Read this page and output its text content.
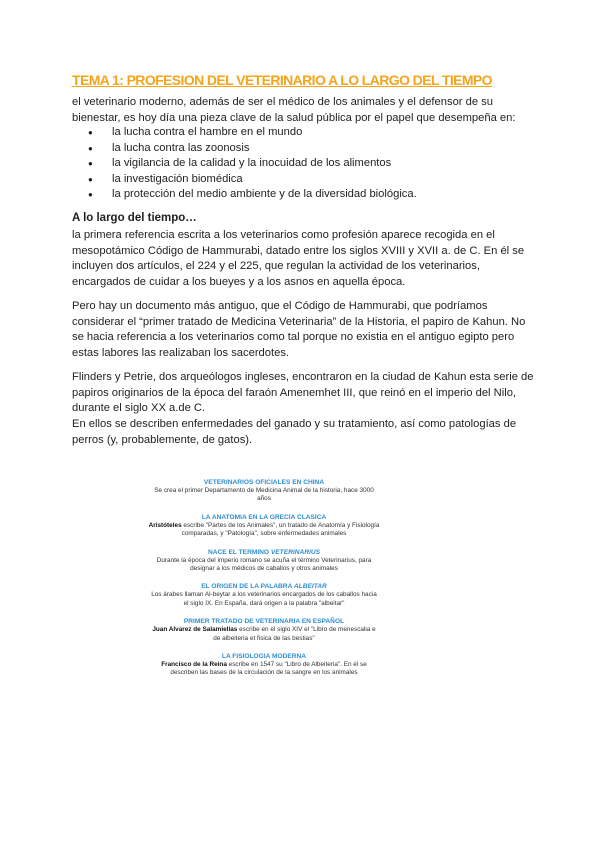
TEMA 1: PROFESION DEL VETERINARIO A LO LARGO DEL TIEMPO
el veterinario moderno, además de ser el médico de los animales y el defensor de su bienestar, es hoy día una pieza clave de la salud pública por el papel que desempeña en:
● la lucha contra el hambre en el mundo
● la lucha contra las zoonosis
● la vigilancia de la calidad y la inocuidad de los alimentos
● la investigación biomédica
● la protección del medio ambiente y de la diversidad biológica.
A lo largo del tiempo…
la primera referencia escrita a los veterinarios como profesión aparece recogida en el mesopotámico Código de Hammurabi, datado entre los siglos XVIII y XVII a. de C. En él se incluyen dos artículos, el 224 y el 225, que regulan la actividad de los veterinarios, encargados de cuidar a los bueyes y a los asnos en aquella época.
Pero hay un documento más antiguo, que el Código de Hammurabi, que podríamos considerar el “primer tratado de Medicina Veterinaria” de la Historia, el papiro de Kahun. No se hacia referencia a los veterinarios como tal porque no existia en el antiguo egipto pero estas labores las realizaban los sacerdotes.
Flinders y Petrie, dos arqueólogos ingleses, encontraron en la ciudad de Kahun esta serie de papiros originarios de la época del faraón Amenemhet III, que reinó en el imperio del Nilo, durante el siglo XX a.de C.
En ellos se describen enfermedades del ganado y su tratamiento, así como patologías de perros (y, probablemente, de gatos).
VETERINARIOS OFICIALES EN CHINA
Se crea el primer Departamento de Medicina Animal de la historia, hace 3000 años
LA ANATOMIA EN LA GRECIA CLASICA
Aristóteles escribe "Partes de los Animales", un tratado de Anatomía y Fisiología comparadas, y "Patología", sobre enfermedades animales
NACE EL TERMINO VETERINARIUS
Durante la época del imperio romano se acuña el término Veterinarius, para designar a los médicos de caballos y otros animales
EL ORIGEN DE LA PALABRA ALBEITAR
Los árabes llaman Al-beytar a los veterinarios encargados de los caballos hacia el siglo IX. En España, dará origen a la palabra "albeitar"
PRIMER TRATADO DE VETERINARIA EN ESPAÑOL
Juan Alvarez de Salamiellas escribe en el siglo XIV el "Libro de menescalia e de albeiteria et fisica de las bestias"
LA FISIOLOGIA MODERNA
Francisco de la Reina escribe en 1547 su "Libro de Albeiteria". En él se describen las bases de la circulación de la sangre en los animales
